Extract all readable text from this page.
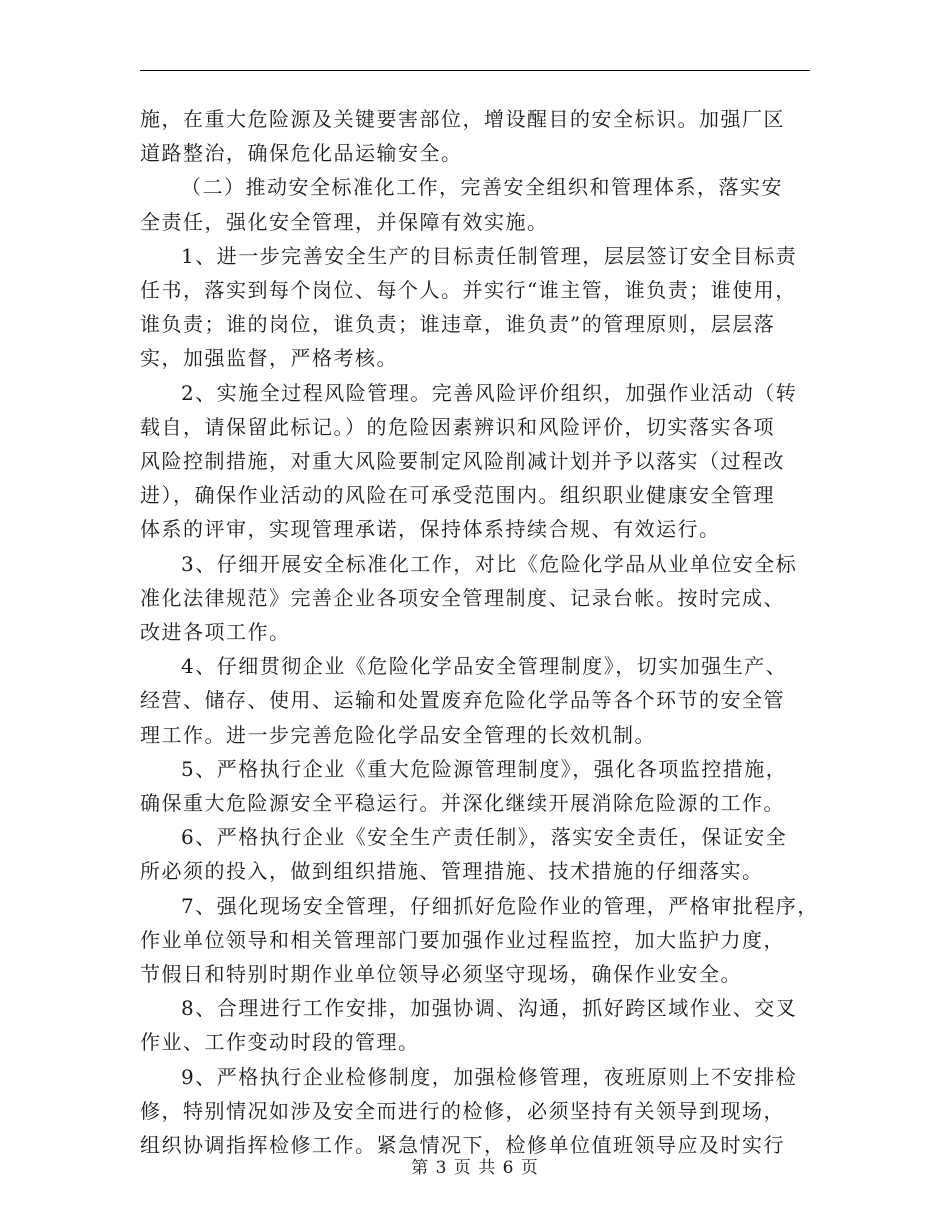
施，在重大危险源及关键要害部位，增设醒目的安全标识。加强厂区
道路整治，确保危化品运输安全。

（二）推动安全标准化工作，完善安全组织和管理体系，落实安
全责任，强化安全管理，并保障有效实施。

1、进一步完善安全生产的目标责任制管理，层层签订安全目标责
任书，落实到每个岗位、每个人。并实行“谁主管，谁负责；谁使用，
谁负责；谁的岗位，谁负责；谁违章，谁负责”的管理原则，层层落
实，加强监督，严格考核。

2、实施全过程风险管理。完善风险评价组织，加强作业活动（转
载自，请保留此标记。）的危险因素辨识和风险评价，切实落实各项
风险控制措施，对重大风险要制定风险削减计划并予以落实（过程改
进），确保作业活动的风险在可承受范围内。组织职业健康安全管理
体系的评审，实现管理承诺，保持体系持续合规、有效运行。

3、仔细开展安全标准化工作，对比《危险化学品从业单位安全标
准化法律规范》完善企业各项安全管理制度、记录台帐。按时完成、
改进各项工作。

4、仔细贯彻企业《危险化学品安全管理制度》，切实加强生产、
经营、储存、使用、运输和处置废弃危险化学品等各个环节的安全管
理工作。进一步完善危险化学品安全管理的长效机制。

5、严格执行企业《重大危险源管理制度》，强化各项监控措施，
确保重大危险源安全平稳运行。并深化继续开展消除危险源的工作。

6、严格执行企业《安全生产责任制》，落实安全责任，保证安全
所必须的投入，做到组织措施、管理措施、技术措施的仔细落实。

7、强化现场安全管理，仔细抓好危险作业的管理，严格审批程序，
作业单位领导和相关管理部门要加强作业过程监控，加大监护力度，
节假日和特别时期作业单位领导必须坚守现场，确保作业安全。

8、合理进行工作安排，加强协调、沟通，抓好跨区域作业、交叉
作业、工作变动时段的管理。

9、严格执行企业检修制度，加强检修管理，夜班原则上不安排检
修，特别情况如涉及安全而进行的检修，必须坚持有关领导到现场，
组织协调指挥检修工作。紧急情况下，检修单位值班领导应及时实行

第 3 页 共 6 页
